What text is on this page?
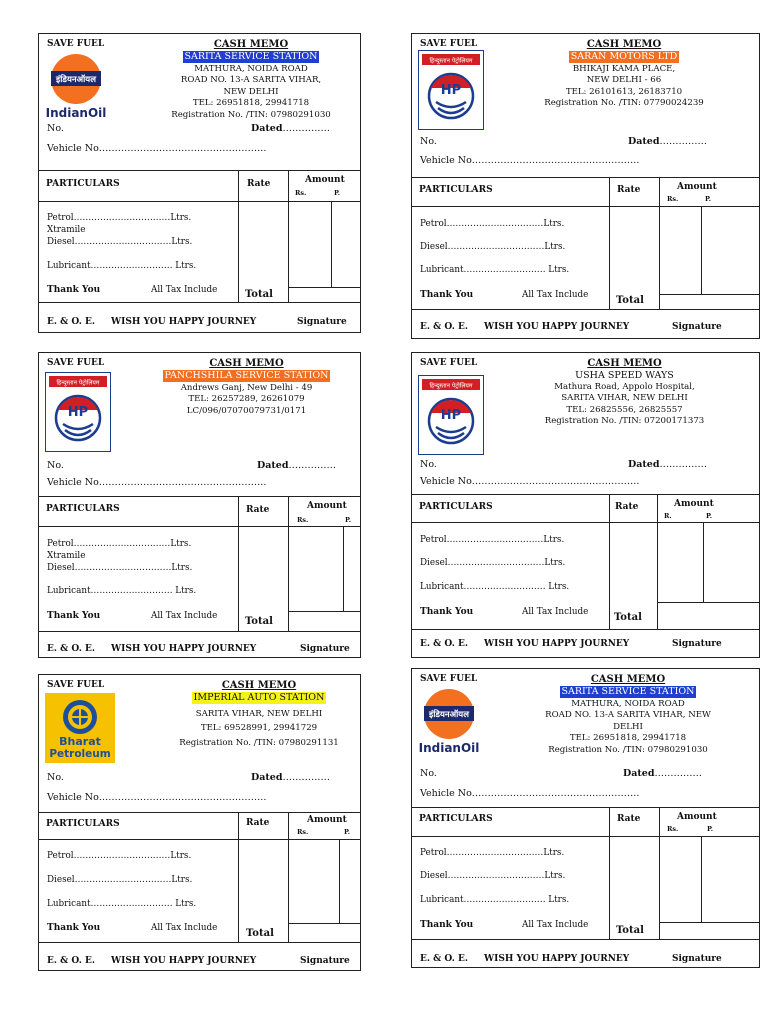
SAVE FUEL
इंडियनऑयल
IndianOil
CASH MEMO
SARITA SERVICE STATION
MATHURA, NOIDA ROAD
ROAD NO. 13-A SARITA VIHAR,
NEW DELHI
TEL: 26951818, 29941718
Registration No. /TIN: 07980291030
No.	Dated……………
Vehicle No……………………………………………..
PARTICULARS	Rate	Amount
Rs.	P.
Petrol……………………………Ltrs.
Xtramile
Diesel……………………………Ltrs.
Lubricant………………………. Ltrs.
Thank You	All Tax Include	Total
E. & O. E. WISH YOU HAPPY JOURNEY	Signature
SAVE FUEL
हिन्दुस्तान पेट्रोलियम
HP
CASH MEMO
SARAN MOTORS LTD
BHIKAJI KAMA PLACE,
NEW DELHI - 66
TEL: 26101613, 26183710
Registration No. /TIN: 07790024239
No.	Dated……………
Vehicle No……………………………………………..
PARTICULARS	Rate	Amount
Rs.	P.
Petrol……………………………Ltrs.
Diesel……………………………Ltrs.
Lubricant………………………. Ltrs.
Thank You	All Tax Include	Total
E. & O. E. WISH YOU HAPPY JOURNEY	Signature
SAVE FUEL
हिन्दुस्तान पेट्रोलियम
HP
CASH MEMO
PANCHSHILA SERVICE STATION
Andrews Ganj, New Delhi - 49
TEL: 26257289, 26261079
LC/096/07070079731/0171
No.	Dated……………
Vehicle No……………………………………………..
PARTICULARS	Rate	Amount
Rs.	P.
Petrol……………………………Ltrs.
Xtramile
Diesel……………………………Ltrs.
Lubricant………………………. Ltrs.
Thank You	All Tax Include	Total
E. & O. E. WISH YOU HAPPY JOURNEY	Signature
SAVE FUEL
हिन्दुस्तान पेट्रोलियम
HP
CASH MEMO
USHA SPEED WAYS
Mathura Road, Appolo Hospital,
SARITA VIHAR, NEW DELHI
TEL: 26825556, 26825557
Registration No. /TIN: 07200171373
No.	Dated……………
Vehicle No……………………………………………..
PARTICULARS	Rate	Amount
R.	P.
Petrol……………………………Ltrs.
Diesel……………………………Ltrs.
Lubricant………………………. Ltrs.
Thank You	All Tax Include	Total
E. & O. E. WISH YOU HAPPY JOURNEY	Signature
SAVE FUEL
Bharat
Petroleum
CASH MEMO
IMPERIAL AUTO STATION
SARITA VIHAR, NEW DELHI
TEL: 69528991, 29941729
Registration No. /TIN: 07980291131
No.	Dated……………
Vehicle No……………………………………………..
PARTICULARS	Rate	Amount
Rs.	P.
Petrol……………………………Ltrs.
Diesel……………………………Ltrs.
Lubricant………………………. Ltrs.
Thank You	All Tax Include	Total
E. & O. E. WISH YOU HAPPY JOURNEY	Signature
SAVE FUEL
इंडियनऑयल
IndianOil
CASH MEMO
SARITA SERVICE STATION
MATHURA, NOIDA ROAD
ROAD NO. 13-A SARITA VIHAR, NEW
DELHI
TEL: 26951818, 29941718
Registration No. /TIN: 07980291030
No.	Dated……………
Vehicle No……………………………………………..
PARTICULARS	Rate	Amount
Rs.	P.
Petrol……………………………Ltrs.
Diesel……………………………Ltrs.
Lubricant………………………. Ltrs.
Thank You	All Tax Include	Total
E. & O. E. WISH YOU HAPPY JOURNEY	Signature
